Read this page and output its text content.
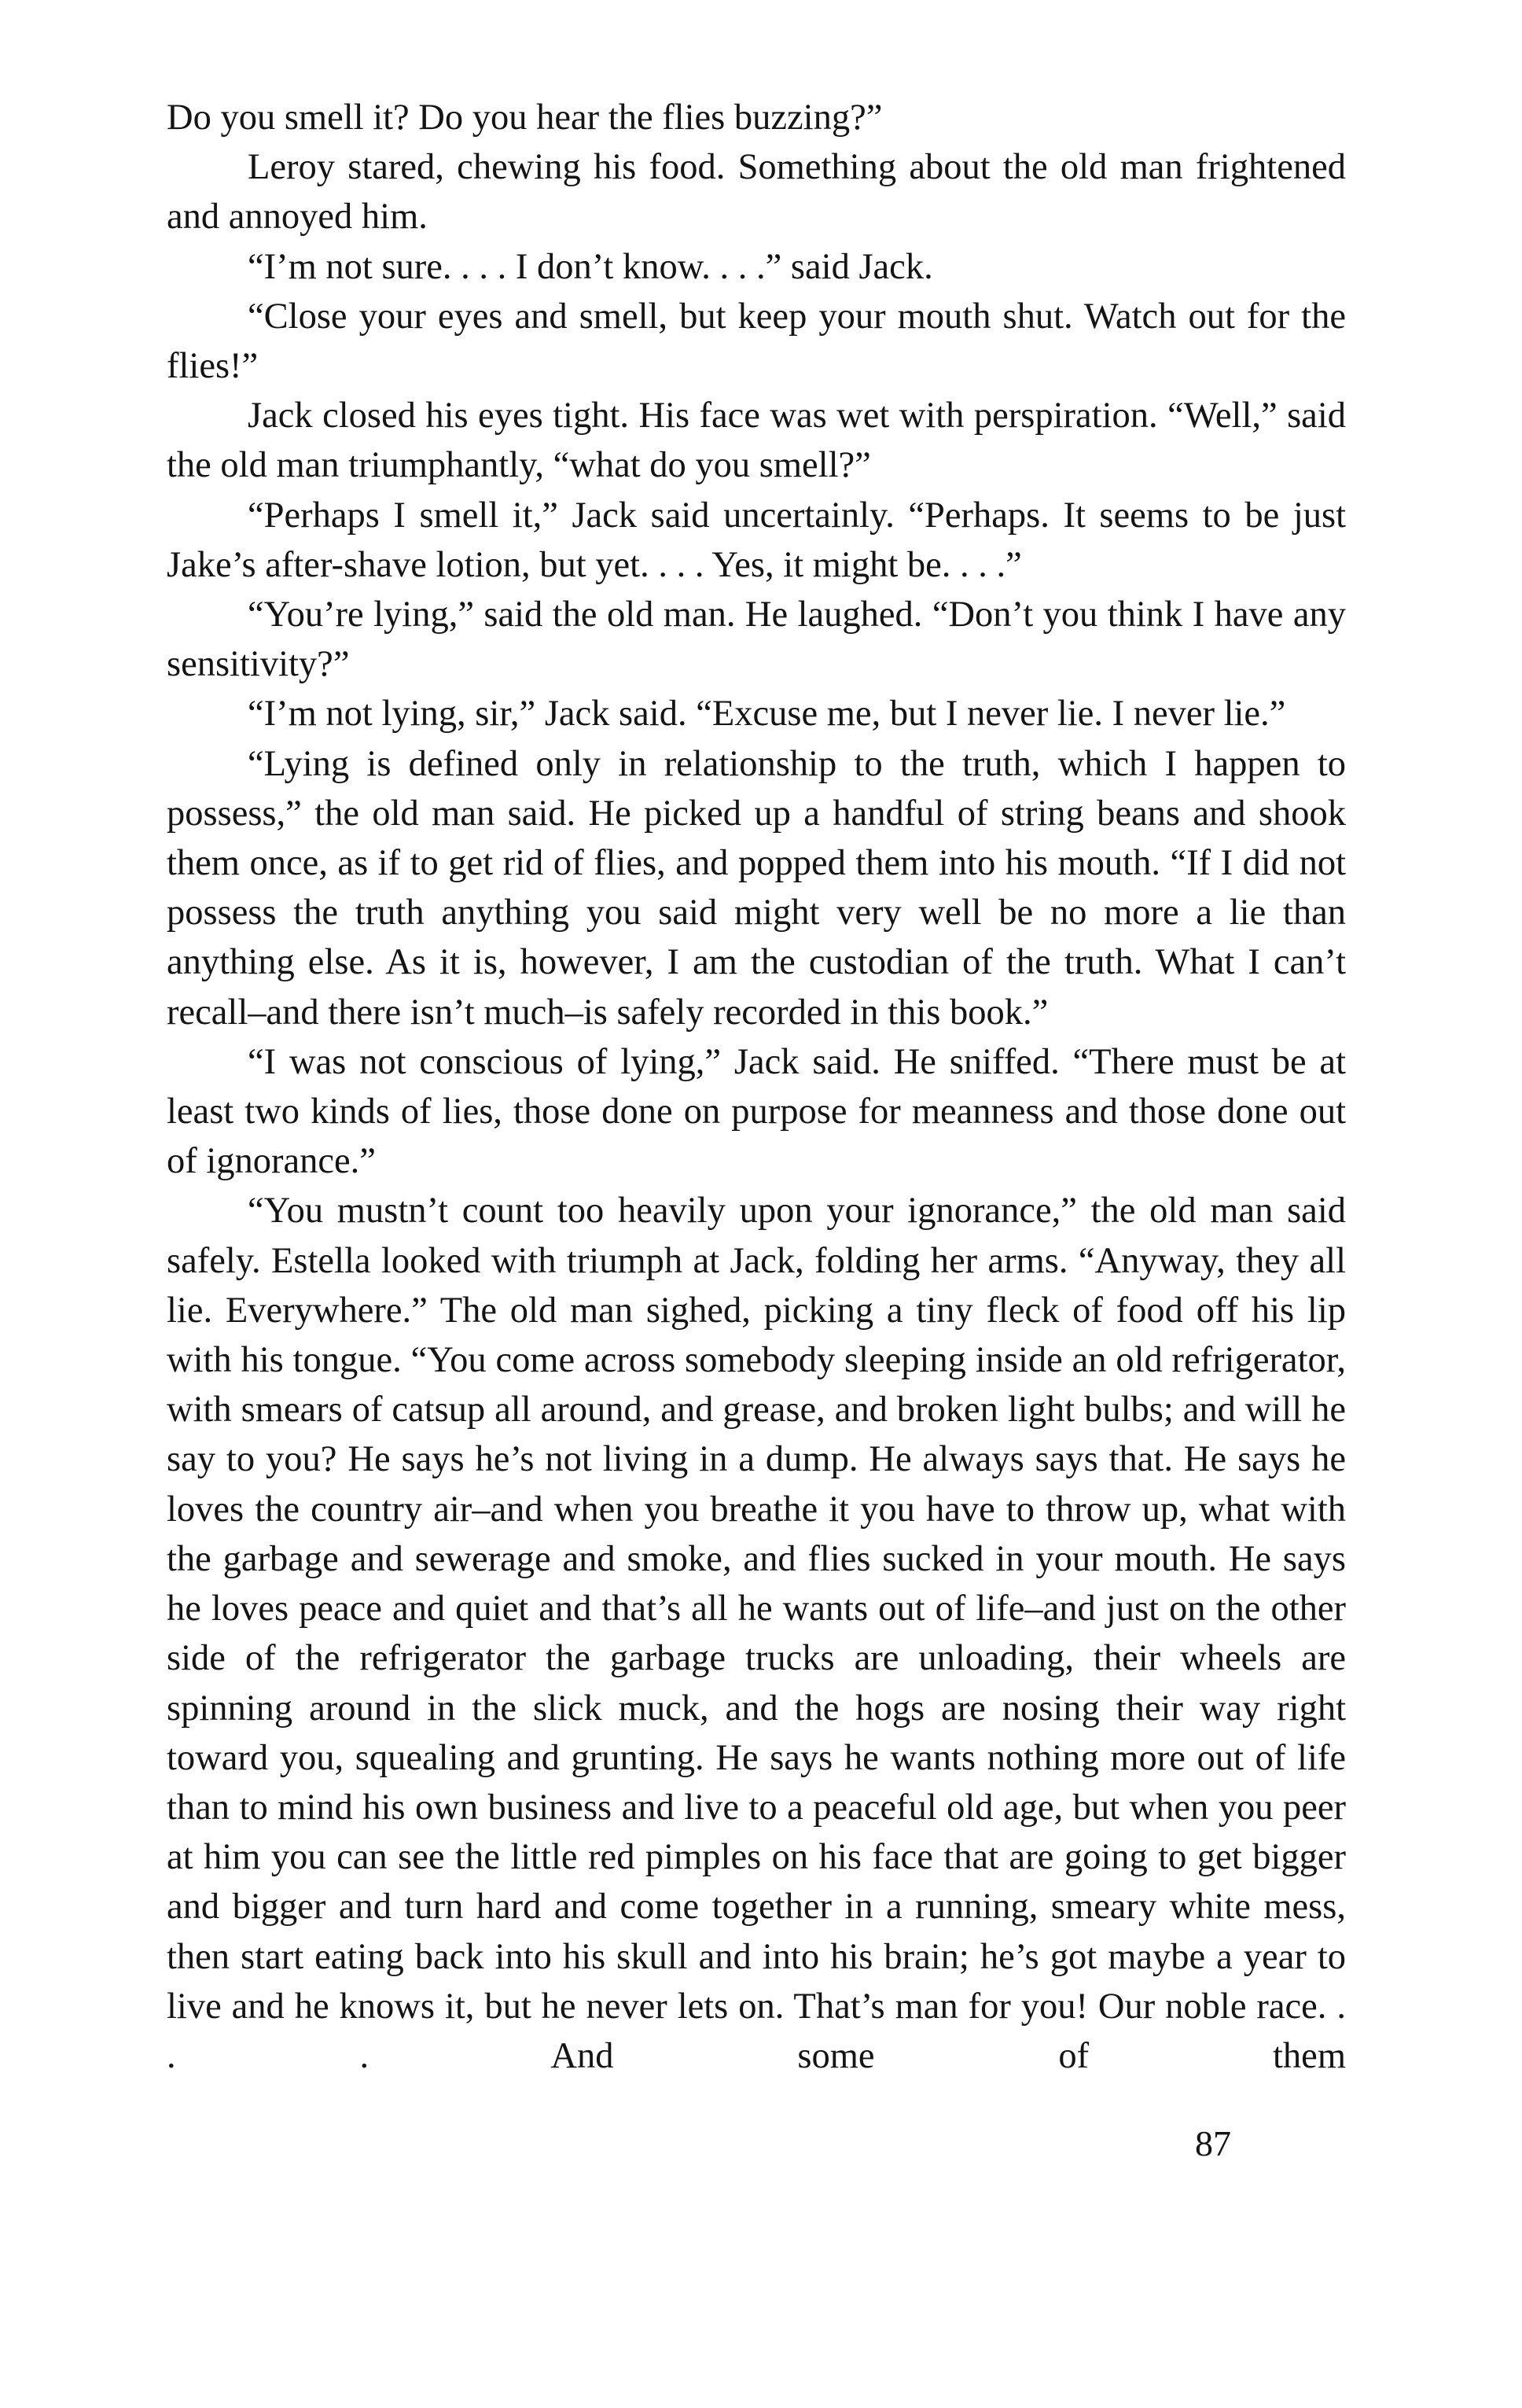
Do you smell it? Do you hear the flies buzzing?”

Leroy stared, chewing his food. Something about the old man frightened and annoyed him.

“I’m not sure. . . . I don’t know. . . .” said Jack.

“Close your eyes and smell, but keep your mouth shut. Watch out for the flies!”

Jack closed his eyes tight. His face was wet with perspiration. “Well,” said the old man triumphantly, “what do you smell?”

“Perhaps I smell it,” Jack said uncertainly. “Perhaps. It seems to be just Jake’s after-shave lotion, but yet. . . . Yes, it might be. . . .”

“You’re lying,” said the old man. He laughed. “Don’t you think I have any sensitivity?”

“I’m not lying, sir,” Jack said. “Excuse me, but I never lie. I never lie.”

“Lying is defined only in relationship to the truth, which I happen to possess,” the old man said. He picked up a handful of string beans and shook them once, as if to get rid of flies, and popped them into his mouth. “If I did not possess the truth anything you said might very well be no more a lie than anything else. As it is, however, I am the custodian of the truth. What I can’t recall–and there isn’t much–is safely recorded in this book.”

“I was not conscious of lying,” Jack said. He sniffed. “There must be at least two kinds of lies, those done on purpose for meanness and those done out of ignorance.”

“You mustn’t count too heavily upon your ignorance,” the old man said safely. Estella looked with triumph at Jack, folding her arms. “Anyway, they all lie. Everywhere.” The old man sighed, picking a tiny fleck of food off his lip with his tongue. “You come across somebody sleeping inside an old refrigerator, with smears of catsup all around, and grease, and broken light bulbs; and will he say to you? He says he’s not living in a dump. He always says that. He says he loves the country air–and when you breathe it you have to throw up, what with the garbage and sewerage and smoke, and flies sucked in your mouth. He says he loves peace and quiet and that’s all he wants out of life–and just on the other side of the refrigerator the garbage trucks are unloading, their wheels are spinning around in the slick muck, and the hogs are nosing their way right toward you, squealing and grunting. He says he wants nothing more out of life than to mind his own business and live to a peaceful old age, but when you peer at him you can see the little red pimples on his face that are going to get bigger and bigger and turn hard and come together in a running, smeary white mess, then start eating back into his skull and into his brain; he’s got maybe a year to live and he knows it, but he never lets on. That’s man for you! Our noble race. . . . And some of them

87
